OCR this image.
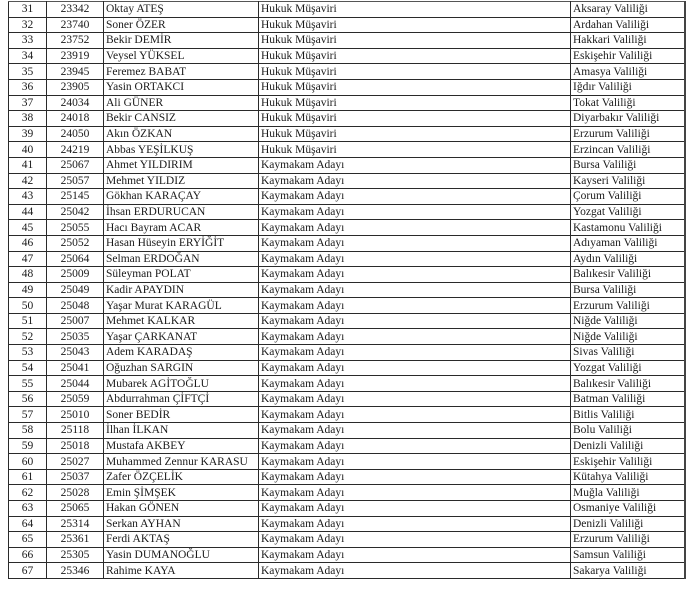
31	23342	Oktay ATEŞ	Hukuk Müşaviri	Aksaray Valiliği
32	23740	Soner ÖZER	Hukuk Müşaviri	Ardahan Valiliği
33	23752	Bekir DEMİR	Hukuk Müşaviri	Hakkari Valiliği
34	23919	Veysel YÜKSEL	Hukuk Müşaviri	Eskişehir Valiliği
35	23945	Feremez BABAT	Hukuk Müşaviri	Amasya Valiliği
36	23905	Yasin ORTAKCI	Hukuk Müşaviri	Iğdır Valiliği
37	24034	Ali GÜNER	Hukuk Müşaviri	Tokat Valiliği
38	24018	Bekir CANSIZ	Hukuk Müşaviri	Diyarbakır Valiliği
39	24050	Akın ÖZKAN	Hukuk Müşaviri	Erzurum Valiliği
40	24219	Abbas YEŞİLKUŞ	Hukuk Müşaviri	Erzincan Valiliği
41	25067	Ahmet YILDIRIM	Kaymakam Adayı	Bursa Valiliği
42	25057	Mehmet YILDIZ	Kaymakam Adayı	Kayseri Valiliği
43	25145	Gökhan KARAÇAY	Kaymakam Adayı	Çorum Valiliği
44	25042	İhsan ERDURUCAN	Kaymakam Adayı	Yozgat Valiliği
45	25055	Hacı Bayram ACAR	Kaymakam Adayı	Kastamonu Valiliği
46	25052	Hasan Hüseyin ERYİĞİT	Kaymakam Adayı	Adıyaman Valiliği
47	25064	Selman ERDOĞAN	Kaymakam Adayı	Aydın Valiliği
48	25009	Süleyman POLAT	Kaymakam Adayı	Balıkesir Valiliği
49	25049	Kadir APAYDIN	Kaymakam Adayı	Bursa Valiliği
50	25048	Yaşar Murat KARAGÜL	Kaymakam Adayı	Erzurum Valiliği
51	25007	Mehmet KALKAR	Kaymakam Adayı	Niğde Valiliği
52	25035	Yaşar ÇARKANAT	Kaymakam Adayı	Niğde Valiliği
53	25043	Adem KARADAŞ	Kaymakam Adayı	Sivas Valiliği
54	25041	Oğuzhan SARGIN	Kaymakam Adayı	Yozgat Valiliği
55	25044	Mubarek AGİTOĞLU	Kaymakam Adayı	Balıkesir Valiliği
56	25059	Abdurrahman ÇİFTÇİ	Kaymakam Adayı	Batman Valiliği
57	25010	Soner BEDİR	Kaymakam Adayı	Bitlis Valiliği
58	25118	İlhan İLKAN	Kaymakam Adayı	Bolu Valiliği
59	25018	Mustafa AKBEY	Kaymakam Adayı	Denizli Valiliği
60	25027	Muhammed Zennur KARASU	Kaymakam Adayı	Eskişehir Valiliği
61	25037	Zafer ÖZÇELİK	Kaymakam Adayı	Kütahya Valiliği
62	25028	Emin ŞİMŞEK	Kaymakam Adayı	Muğla Valiliği
63	25065	Hakan GÖNEN	Kaymakam Adayı	Osmaniye Valiliği
64	25314	Serkan AYHAN	Kaymakam Adayı	Denizli Valiliği
65	25361	Ferdi AKTAŞ	Kaymakam Adayı	Erzurum Valiliği
66	25305	Yasin DUMANOĞLU	Kaymakam Adayı	Samsun Valiliği
67	25346	Rahime KAYA	Kaymakam Adayı	Sakarya Valiliği
